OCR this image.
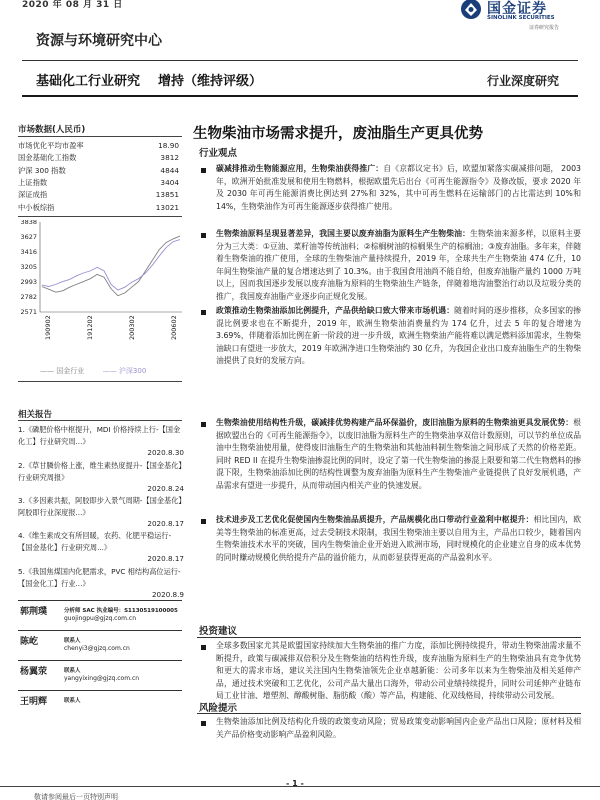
2020 年 08 月 31 日
资源与环境研究中心
国金证券
SINOLINK SECURITIES
证券研究报告
基础化工行业研究 增持（维持评级）	行业深度研究
市场数据(人民币)
市场优化平均市盈率	18.90
国金基础化工指数	3812
沪深 300 指数	4844
上证指数	3404
深证成指	13851
中小板综指	13021
3838
3627
3416
3205
2993
2782
2571
190902	191202	200302	200602
—— 国金行业	—— 沪深300
相关报告
1.《磷肥价格中枢提升，MDI 价格持续上行-【国金化工】行业研究周...》
2020.8.30
2.《草甘膦价格上涨，维生素热度提升-【国金基化】行业研究周报》
2020.8.24
3.《多因素共振，阿胶即步入景气周期-【国金基化】阿胶即行业深度报...》
2020.8.17
4.《维生素成交有所回暖，农药、化肥平稳运行-【国金基化】行业研究周...》
2020.8.17
5.《我国焦煤国内化肥需求，PVC 相结构高位运行-【国金化工】行业...》
2020.8.9
郭荆璞	分析师 SAC 执业编号：S1130519100005
guojingpu@gjzq.com.cn
陈屹	联系人
chenyi3@gjzq.com.cn
杨翼荥	联系人
yangyixing@gjzq.com.cn
王明辉	联系人
生物柴油市场需求提升，废油脂生产更具优势
行业观点
碳减排推动生物能源应用，生物柴油获得推广：自《京都议定书》后，欧盟加紧落实碳减排问题， 2003 年，欧洲开始批准发展和使用生物燃料，根据欧盟先后出台《可再生能源指令》及修改版，要求 2020 年及 2030 年可再生能源消费比例达到 27%和 32%，其中可再生燃料在运输部门的占比需达到 10%和 14%，生物柴油作为可再生能源逐步获得推广使用。
生物柴油原料呈现显著差异，我国主要以废弃油脂为原料生产生物柴油：生物柴油来源多样，以原料主要分为三大类：①豆油、菜籽油等传统油料；②棕榈树油的棕榈果生产的棕榈油；③废弃油脂。多年来，伴随着生物柴油的推广使用，全球的生物柴油产量持续提升，2019 年，全球共生产生物柴油 474 亿升，10 年间生物柴油产量的复合增速达到了 10.3%。由于我国食用油尚不能自给，但废弃油脂产量约 1000 万吨以上，因而我国逐步发展以废弃油脂为原料的生物柴油生产链条，伴随着地沟油整治行动以及垃圾分类的推广，我国废弃油脂产业逐步向正规化发展。
政策推动生物柴油添加比例提升，产品供给缺口致大带来市场机遇：随着时间的逐步推移，众多国家的掺混比例要求也在不断提升，2019 年，欧洲生物柴油消费量约为 174 亿升，过去 5 年的复合增速为 3.69%，伴随着添加比例在新一阶段的进一步升级，欧洲生物柴油产能将难以满足燃料添加需求，生物柴油缺口有望进一步放大，2019 年欧洲净进口生物柴油约 30 亿升，为我国企业出口废弃油脂生产的生物柴油提供了良好的发展方向。
生物柴油使用结构性升级，碳减排优势构建产品环保溢价，废旧油脂为原料的生物柴油更具发展优势：根据欧盟出台的《可再生能源指令》，以废旧油脂为原料生产的生物柴油享双倍计数原则，可以节约单位成品油中生物柴油使用量，使得废旧油脂生产的生物柴油和其他油料制生物柴油之间形成了天然的价格差距。同时 RED II 在提升生物柴油掺混比例的同时，设定了第一代生物柴油的掺混上限要和第二代生物燃料的掺混下限，生物柴油添加比例的结构性调整为废弃油脂为原料生产生物柴油产业链提供了良好发展机遇，产品需求有望进一步提升，从而带动国内相关产业的快速发展。
技术进步及工艺优化促使国内生物柴油品质提升，产品规模化出口带动行业盈利中枢提升：相比国内，欧美等生物柴油的标准更高，过去受制技术限制，我国生物柴油主要以自用为主，产品出口较少，随着国内生物柴油技术水平的突破，国内生物柴油企业开始进入欧洲市场，同时规模化的企业建立自身的成本优势的同时赚动规模化供给提升产品的溢价能力，从而彰显获得更高的产品盈利水平。
投资建议
全球多数国家尤其是欧盟国家持续加大生物柴油的推广力度，添加比例持续提升，带动生物柴油需求量不断提升，政策与碳减排双倍积分及生物柴油的结构性升级，废弃油脂为原料生产的生物柴油具有竞争优势和更大的需求市场，建议关注国内生物柴油领先企业卓越新能：公司多年以来为生物柴油及相关延伸产品，通过技术突破和工艺优化，公司产品大量出口海外，带动公司业绩持续提升，同时公司延伸产业链布局工业甘油、增塑剂、醇酸树脂、脂肪酸（酸）等产品，构建能、化双线格局，持续带动公司发展。
风险提示
生物柴油添加比例及结构化升级的政策变动风险；贸易政策变动影响国内企业产品出口风险；原材料及相关产品价格变动影响产品盈利风险。
- 1 -
敬请参阅最后一页特别声明
